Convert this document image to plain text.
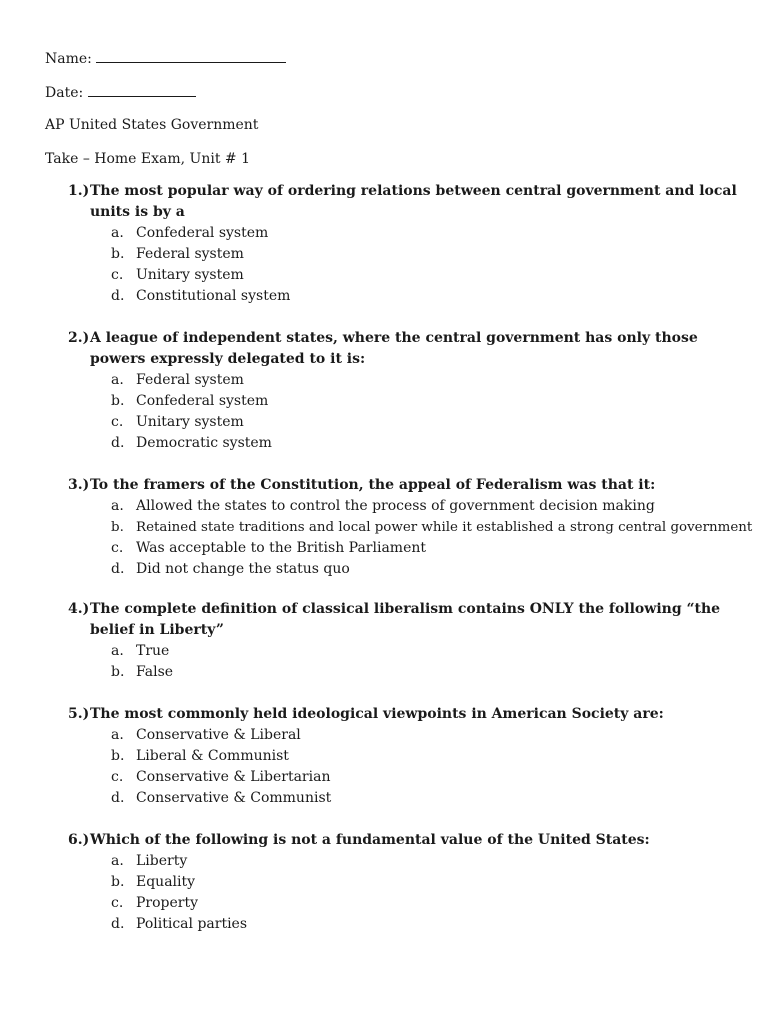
Name:
Date:
AP United States Government
Take – Home Exam, Unit # 1
1.)The most popular way of ordering relations between central government and local units is by a
a. Confederal system
b. Federal system
c. Unitary system
d. Constitutional system
2.)A league of independent states, where the central government has only those powers expressly delegated to it is:
a. Federal system
b. Confederal system
c. Unitary system
d. Democratic system
3.)To the framers of the Constitution, the appeal of Federalism was that it:
a. Allowed the states to control the process of government decision making
b. Retained state traditions and local power while it established a strong central government
c. Was acceptable to the British Parliament
d. Did not change the status quo
4.)The complete definition of classical liberalism contains ONLY the following “the belief in Liberty”
a. True
b. False
5.)The most commonly held ideological viewpoints in American Society are:
a. Conservative & Liberal
b. Liberal & Communist
c. Conservative & Libertarian
d. Conservative & Communist
6.)Which of the following is not a fundamental value of the United States:
a. Liberty
b. Equality
c. Property
d. Political parties
